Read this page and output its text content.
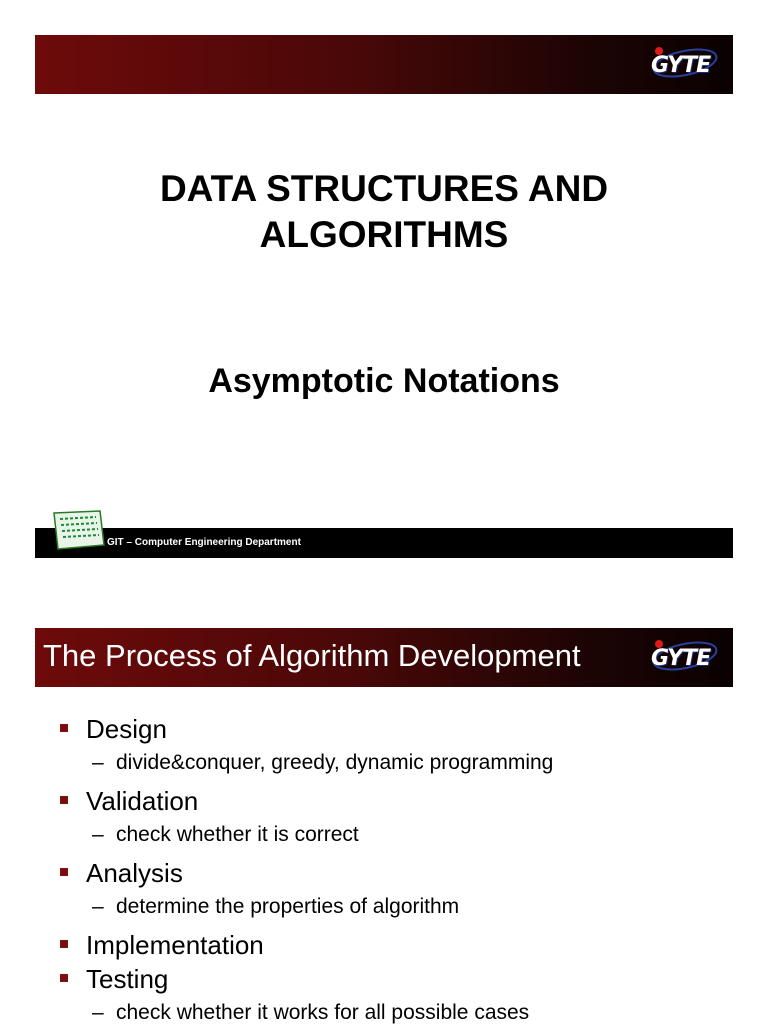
GYTE
DATA STRUCTURES AND
ALGORITHMS
Asymptotic Notations
GIT – Computer Engineering Department
The Process of Algorithm Development	GYTE
Design
– divide&conquer, greedy, dynamic programming
Validation
– check whether it is correct
Analysis
– determine the properties of algorithm
Implementation
Testing
– check whether it works for all possible cases
